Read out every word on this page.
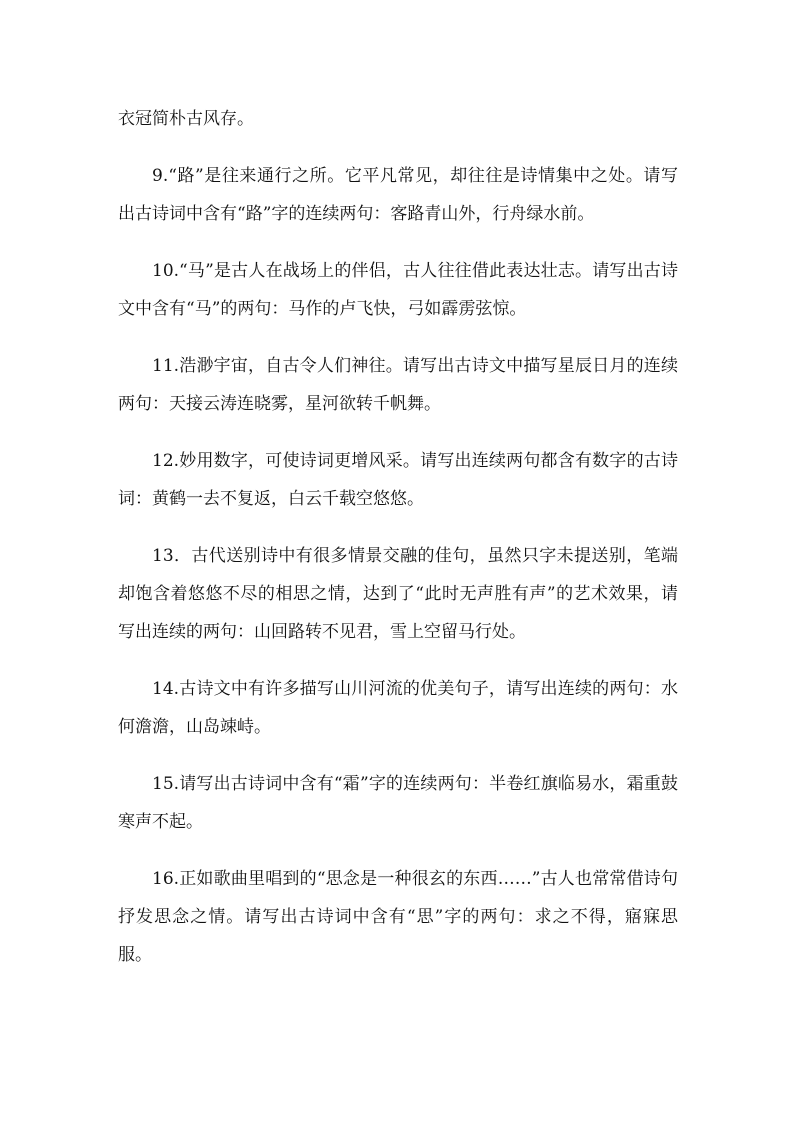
衣冠简朴古风存。

9.“路”是往来通行之所。它平凡常见，却往往是诗情集中之处。请写出古诗词中含有“路”字的连续两句：客路青山外，行舟绿水前。

10.“马”是古人在战场上的伴侣，古人往往借此表达壮志。请写出古诗文中含有“马”的两句：马作的卢飞快，弓如霹雳弦惊。

11.浩渺宇宙，自古令人们神往。请写出古诗文中描写星辰日月的连续两句：天接云涛连晓雾，星河欲转千帆舞。

12.妙用数字，可使诗词更增风采。请写出连续两句都含有数字的古诗词：黄鹤一去不复返，白云千载空悠悠。

13．古代送别诗中有很多情景交融的佳句，虽然只字未提送别，笔端却饱含着悠悠不尽的相思之情，达到了“此时无声胜有声”的艺术效果，请写出连续的两句：山回路转不见君，雪上空留马行处。

14.古诗文中有许多描写山川河流的优美句子，请写出连续的两句：水何澹澹，山岛竦峙。

15.请写出古诗词中含有“霜”字的连续两句：半卷红旗临易水，霜重鼓寒声不起。

16.正如歌曲里唱到的“思念是一种很玄的东西……”古人也常常借诗句抒发思念之情。请写出古诗词中含有“思”字的两句：求之不得，寤寐思服。
